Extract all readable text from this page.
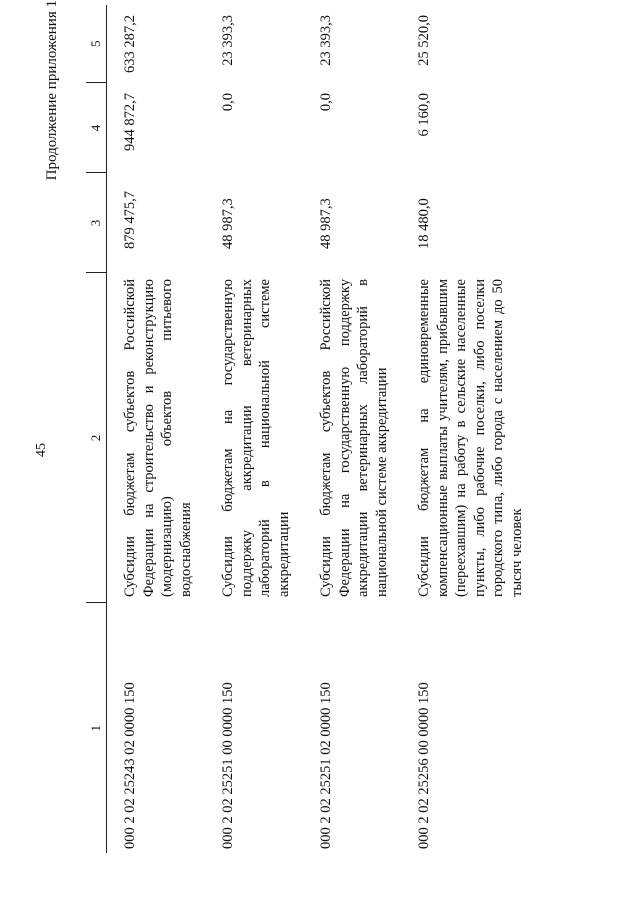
45
Продолжение приложения 1
1	2	3	4	5
000 2 02 25243 02 0000 150	Субсидии бюджетам субъектов Российской Федерации на строительство и реконструкцию (модернизацию) объектов питьевого водоснабжения	879 475,7	944 872,7	633 287,2
000 2 02 25251 00 0000 150	Субсидии бюджетам на государственную поддержку аккредитации ветеринарных лабораторий в национальной системе аккредитации	48 987,3	0,0	23 393,3
000 2 02 25251 02 0000 150	Субсидии бюджетам субъектов Российской Федерации на государственную поддержку аккредитации ветеринарных лабораторий в национальной системе аккредитации	48 987,3	0,0	23 393,3
000 2 02 25256 00 0000 150	Субсидии бюджетам на единовременные компенсационные выплаты учителям, прибывшим (переехавшим) на работу в сельские населенные пункты, либо рабочие поселки, либо поселки городского типа, либо города с населением до 50 тысяч человек	18 480,0	6 160,0	25 520,0
